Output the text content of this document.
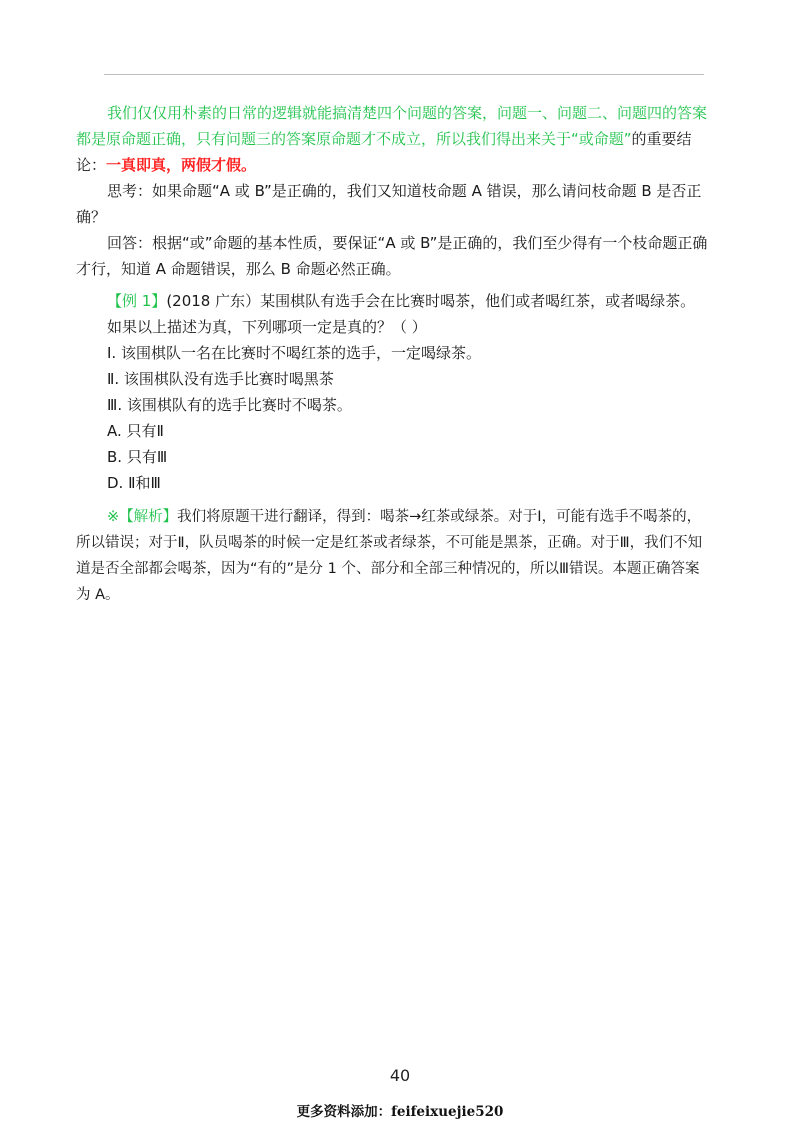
我们仅仅用朴素的日常的逻辑就能搞清楚四个问题的答案，问题一、问题二、问题四的答案都是原命题正确，只有问题三的答案原命题才不成立，所以我们得出来关于“或命题”的重要结论：一真即真，两假才假。

思考：如果命题“A 或 B”是正确的，我们又知道枝命题 A 错误，那么请问枝命题 B 是否正确？

回答：根据“或”命题的基本性质，要保证“A 或 B”是正确的，我们至少得有一个枝命题正确才行，知道 A 命题错误，那么 B 命题必然正确。

【例 1】(2018 广东）某围棋队有选手会在比赛时喝茶，他们或者喝红茶，或者喝绿茶。

如果以上描述为真，下列哪项一定是真的？（ ）

I. 该围棋队一名在比赛时不喝红茶的选手，一定喝绿茶。

Ⅱ. 该围棋队没有选手比赛时喝黑茶

Ⅲ. 该围棋队有的选手比赛时不喝茶。

A. 只有Ⅱ

B. 只有Ⅲ

D. Ⅱ和Ⅲ

※【解析】我们将原题干进行翻译，得到：喝茶→红茶或绿茶。对于Ⅰ，可能有选手不喝茶的，所以错误；对于Ⅱ，队员喝茶的时候一定是红茶或者绿茶，不可能是黑茶，正确。对于Ⅲ，我们不知道是否全部都会喝茶，因为“有的”是分 1 个、部分和全部三种情况的，所以Ⅲ错误。本题正确答案为 A。

40
更多资料添加：feifeixuejie520
